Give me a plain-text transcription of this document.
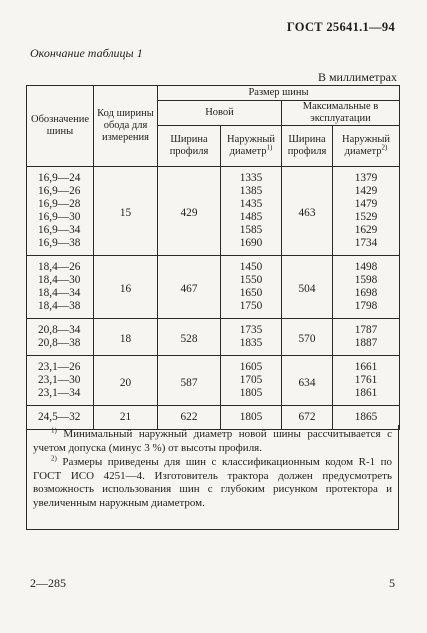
ГОСТ 25641.1—94
Окончание таблицы 1
В миллиметрах
Обозначение шины	Код ширины обода для измерения	Размер шины			
		Новой		Максимальные в эксплуатации	
		Ширина профиля	Наружный диаметр$^{1)}$	Ширина профиля	Наружный диаметр$^{2)}$
16,9—24	15	429	1335	463	1379
16,9—26			1385		1429
16,9—28			1435		1479
16,9—30			1485		1529
16,9—34			1585		1629
16,9—38			1690		1734
18,4—26	16	467	1450	504	1498
18,4—30			1550		1598
18,4—34			1650		1698
18,4—38			1750		1798
20,8—34	18	528	1735	570	1787
20,8—38			1835		1887
23,1—26	20	587	1605	634	1661
23,1—30			1705		1761
23,1—34			1805		1861
24,5—32	21	622	1805	672	1865

$^{1)}$ Минимальный наружный диаметр новой шины рассчитывается с учетом допуска (минус 3 %) от высоты профиля.

$^{2)}$ Размеры приведены для шин с классификационным кодом R-1 по ГОСТ ИСО 4251—4. Изготовитель трактора должен предусмотреть возможность использования шин с глубоким рисунком протектора и увеличенным наружным диаметром.

2—285	5
